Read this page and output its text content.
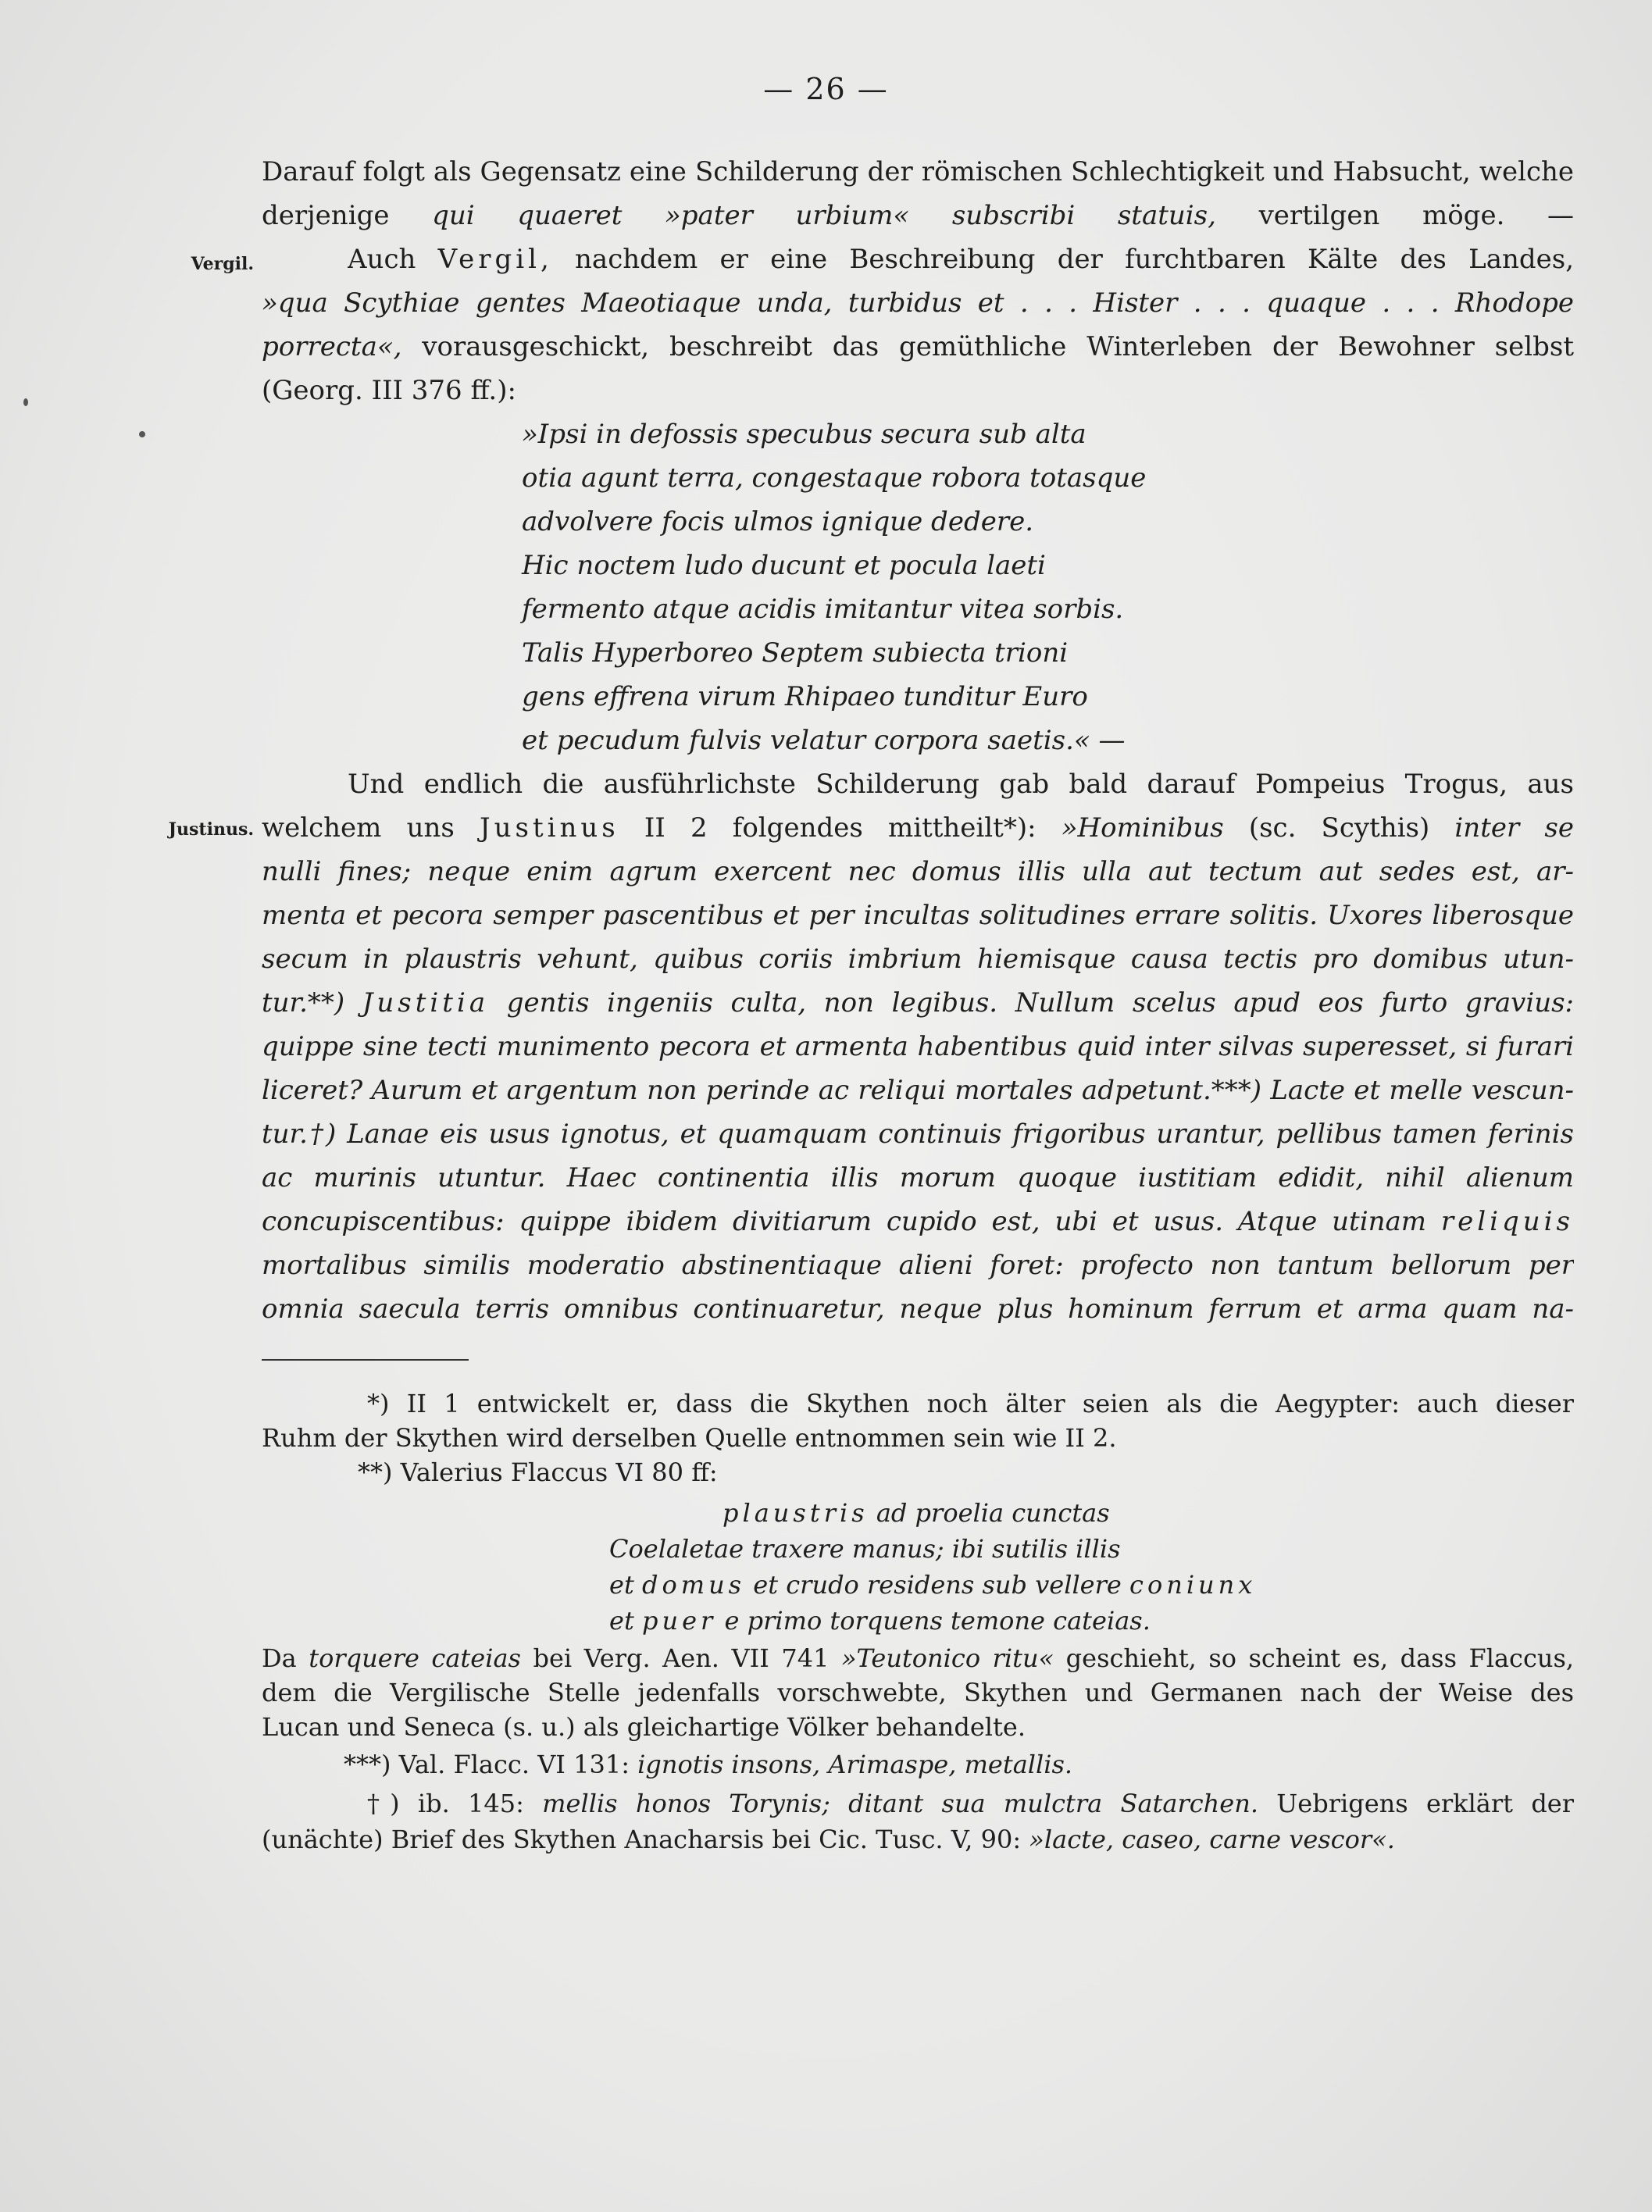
— 26 —
Vergil.
Justinus.
Darauf folgt als Gegensatz eine Schilderung der römischen Schlechtigkeit und Habsucht, welche
derjenige qui quaeret »pater urbium« subscribi statuis, vertilgen möge. —
Auch Vergil, nachdem er eine Beschreibung der furchtbaren Kälte des Landes,
»qua Scythiae gentes Maeotiaque unda, turbidus et . . . Hister . . . quaque . . . Rhodope
porrecta«, vorausgeschickt, beschreibt das gemüthliche Winterleben der Bewohner selbst
(Georg. III 376 ff.):
»Ipsi in defossis specubus secura sub alta
otia agunt terra, congestaque robora totasque
advolvere focis ulmos ignique dedere.
Hic noctem ludo ducunt et pocula laeti
fermento atque acidis imitantur vitea sorbis.
Talis Hyperboreo Septem subiecta trioni
gens effrena virum Rhipaeo tunditur Euro
et pecudum fulvis velatur corpora saetis.« —
Und endlich die ausführlichste Schilderung gab bald darauf Pompeius Trogus, aus
welchem uns Justinus II 2 folgendes mittheilt*): »Hominibus (sc. Scythis) inter se
nulli fines; neque enim agrum exercent nec domus illis ulla aut tectum aut sedes est, ar-
menta et pecora semper pascentibus et per incultas solitudines errare solitis. Uxores liberosque
secum in plaustris vehunt, quibus coriis imbrium hiemisque causa tectis pro domibus utun-
tur.**) Justitia gentis ingeniis culta, non legibus. Nullum scelus apud eos furto gravius:
quippe sine tecti munimento pecora et armenta habentibus quid inter silvas superesset, si furari
liceret? Aurum et argentum non perinde ac reliqui mortales adpetunt.***) Lacte et melle vescun-
tur.†) Lanae eis usus ignotus, et quamquam continuis frigoribus urantur, pellibus tamen ferinis
ac murinis utuntur. Haec continentia illis morum quoque iustitiam edidit, nihil alienum
concupiscentibus: quippe ibidem divitiarum cupido est, ubi et usus. Atque utinam reliquis
mortalibus similis moderatio abstinentiaque alieni foret: profecto non tantum bellorum per
omnia saecula terris omnibus continuaretur, neque plus hominum ferrum et arma quam na-
*) II 1 entwickelt er, dass die Skythen noch älter seien als die Aegypter: auch dieser
Ruhm der Skythen wird derselben Quelle entnommen sein wie II 2.
**) Valerius Flaccus VI 80 ff:
plaustris ad proelia cunctas
Coelaletae traxere manus; ibi sutilis illis
et domus et crudo residens sub vellere coniunx
et puer e primo torquens temone cateias.
Da torquere cateias bei Verg. Aen. VII 741 »Teutonico ritu« geschieht, so scheint es, dass Flaccus,
dem die Vergilische Stelle jedenfalls vorschwebte, Skythen und Germanen nach der Weise des
Lucan und Seneca (s. u.) als gleichartige Völker behandelte.
***) Val. Flacc. VI 131: ignotis insons, Arimaspe, metallis.
†) ib. 145: mellis honos Torynis; ditant sua mulctra Satarchen. Uebrigens erklärt der
(unächte) Brief des Skythen Anacharsis bei Cic. Tusc. V, 90: »lacte, caseo, carne vescor«.
